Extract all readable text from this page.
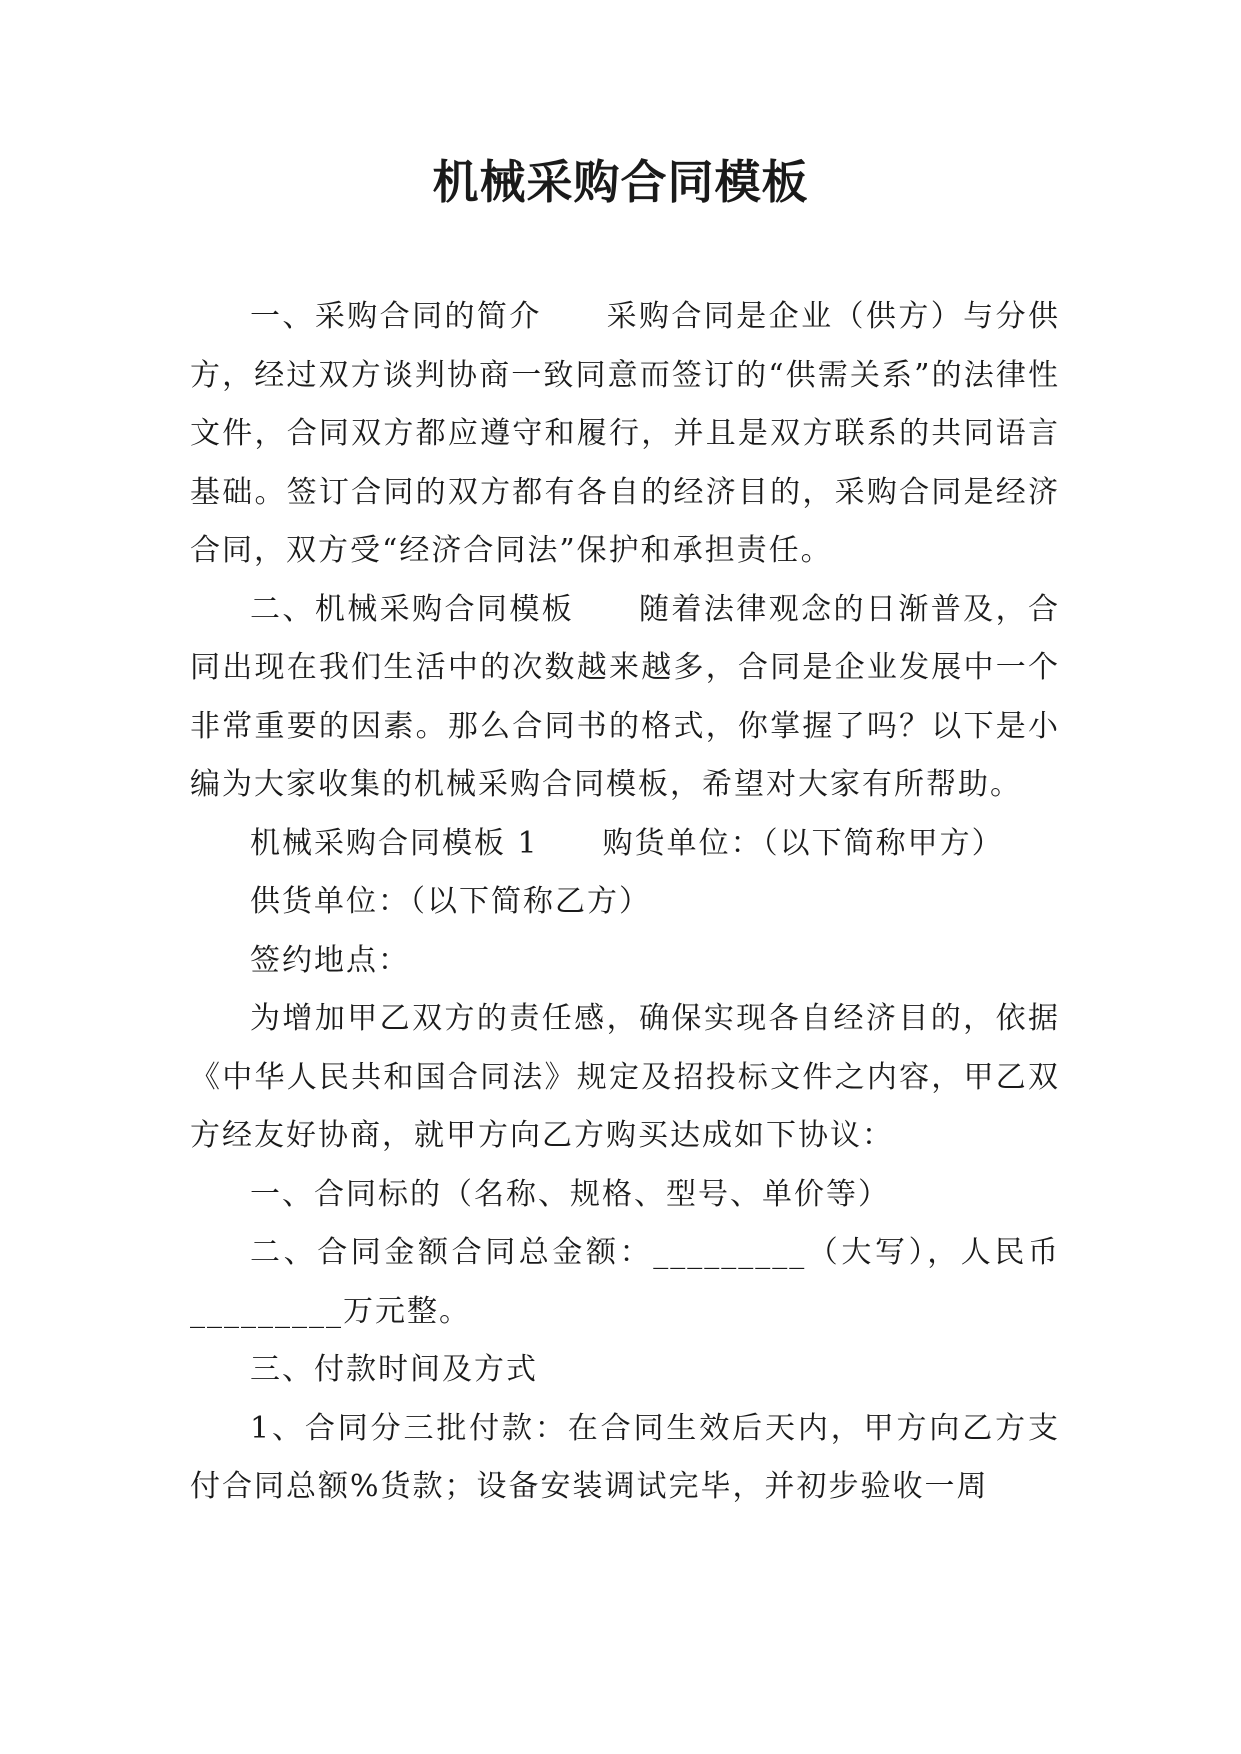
机械采购合同模板

一、采购合同的简介　　采购合同是企业（供方）与分供方，经过双方谈判协商一致同意而签订的“供需关系”的法律性文件，合同双方都应遵守和履行，并且是双方联系的共同语言基础。签订合同的双方都有各自的经济目的，采购合同是经济合同，双方受“经济合同法”保护和承担责任。

二、机械采购合同模板　　随着法律观念的日渐普及，合同出现在我们生活中的次数越来越多，合同是企业发展中一个非常重要的因素。那么合同书的格式，你掌握了吗？以下是小编为大家收集的机械采购合同模板，希望对大家有所帮助。

机械采购合同模板 1　　购货单位：（以下简称甲方）

供货单位：（以下简称乙方）

签约地点：

为增加甲乙双方的责任感，确保实现各自经济目的，依据《中华人民共和国合同法》规定及招投标文件之内容，甲乙双方经友好协商，就甲方向乙方购买达成如下协议：

一、合同标的（名称、规格、型号、单价等）

二、合同金额合同总金额：_________（大写），人民币_________万元整。

三、付款时间及方式

1、合同分三批付款：在合同生效后天内，甲方向乙方支付合同总额%货款；设备安装调试完毕，并初步验收一周
